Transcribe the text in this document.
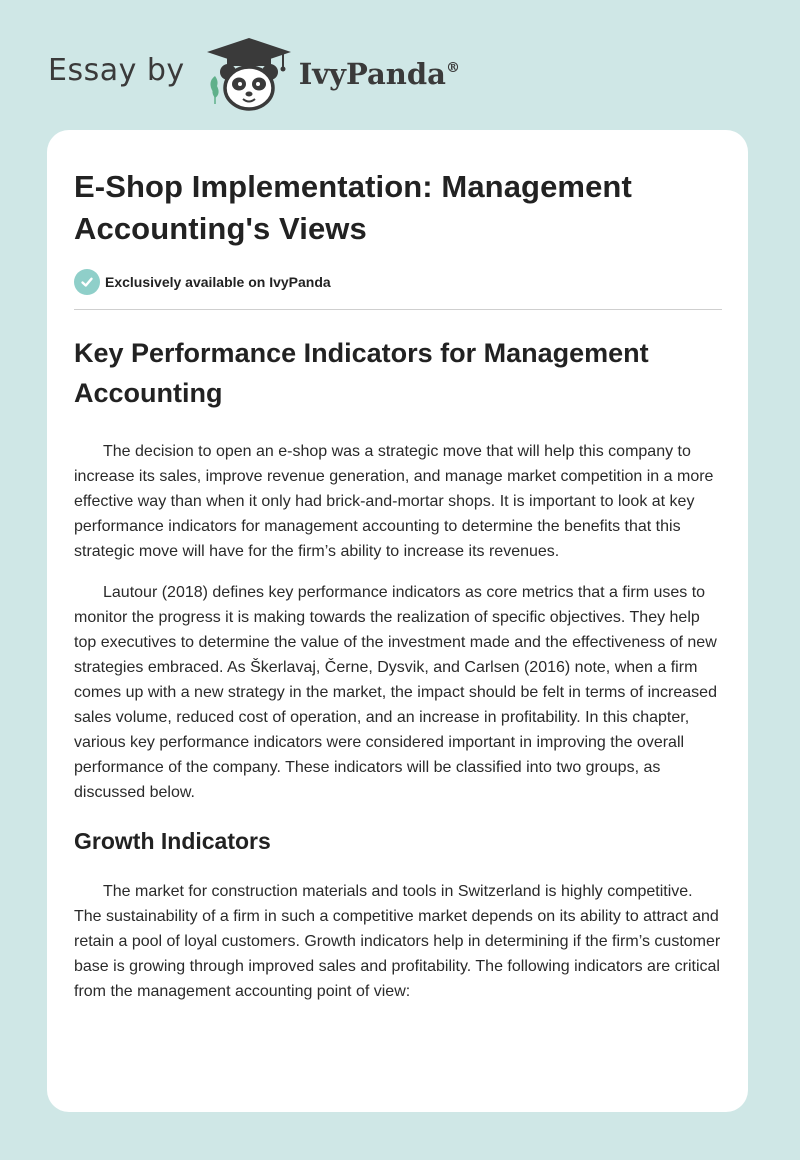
Essay by	IvyPanda®
E-Shop Implementation: Management Accounting's Views
Exclusively available on IvyPanda
Key Performance Indicators for Management Accounting

The decision to open an e-shop was a strategic move that will help this company to increase its sales, improve revenue generation, and manage market competition in a more effective way than when it only had brick-and-mortar shops. It is important to look at key performance indicators for management accounting to determine the benefits that this strategic move will have for the firm’s ability to increase its revenues.

Lautour (2018) defines key performance indicators as core metrics that a firm uses to monitor the progress it is making towards the realization of specific objectives. They help top executives to determine the value of the investment made and the effectiveness of new strategies embraced. As Škerlavaj, Černe, Dysvik, and Carlsen (2016) note, when a firm comes up with a new strategy in the market, the impact should be felt in terms of increased sales volume, reduced cost of operation, and an increase in profitability. In this chapter, various key performance indicators were considered important in improving the overall performance of the company. These indicators will be classified into two groups, as discussed below.

Growth Indicators

The market for construction materials and tools in Switzerland is highly competitive. The sustainability of a firm in such a competitive market depends on its ability to attract and retain a pool of loyal customers. Growth indicators help in determining if the firm’s customer base is growing through improved sales and profitability. The following indicators are critical from the management accounting point of view:
